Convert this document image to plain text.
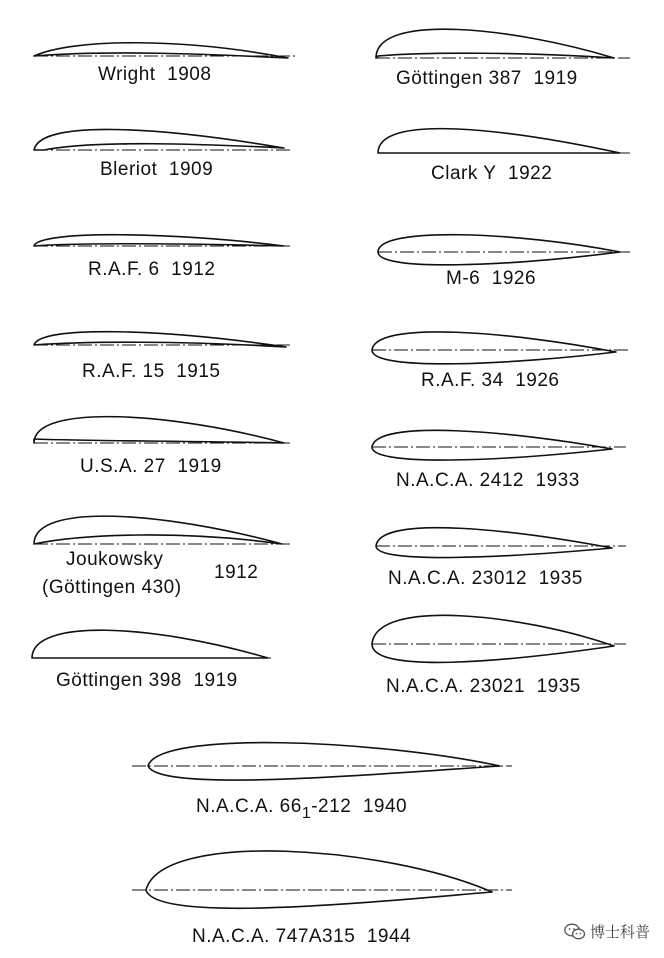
Wright 1908
Bleriot 1909
R.A.F. 6 1912
R.A.F. 15 1915
U.S.A. 27 1919
Joukowsky
(Göttingen 430)
1912
Göttingen 398 1919
Göttingen 387 1919
Clark Y 1922
M-6 1926
R.A.F. 34 1926
N.A.C.A. 2412 1933
N.A.C.A. 23012 1935
N.A.C.A. 23021 1935
N.A.C.A. $66_1-212$ 1940
N.A.C.A. 747A315 1944	博士科普
